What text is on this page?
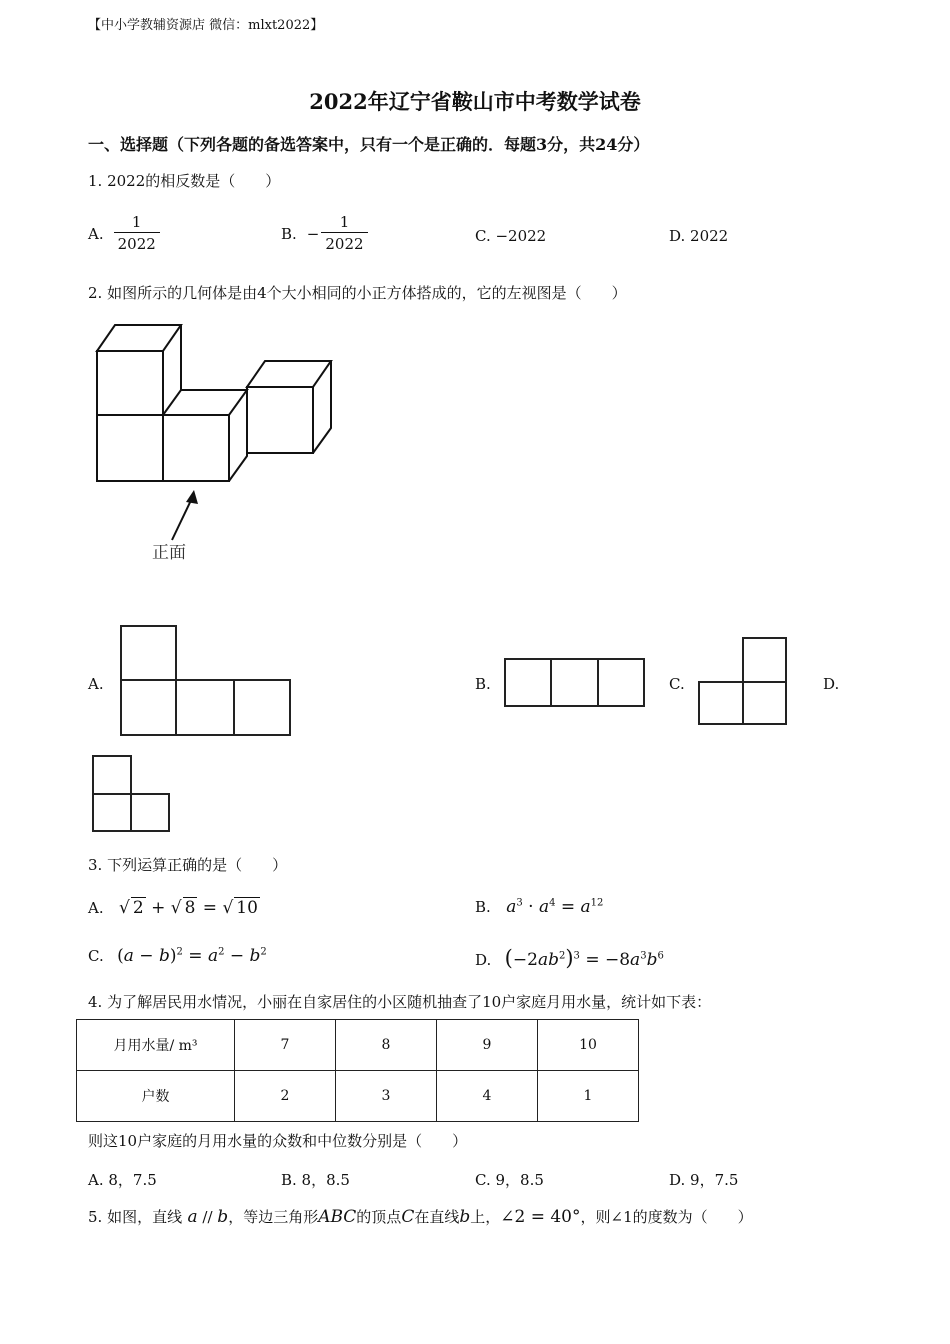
【中小学教辅资源店 微信：mlxt2022】
2022年辽宁省鞍山市中考数学试卷
一、选择题（下列各题的备选答案中，只有一个是正确的．每题3分，共24分）
1. 2022的相反数是（　　）
A. $\frac{1}{2022}$	B. − $\frac{1}{2022}$	C. −2022	D. 2022
2. 如图所示的几何体是由4个大小相同的小正方体搭成的，它的左视图是（　　）
正面
A.	B.	C.	D.
3. 下列运算正确的是（　　）
A. √ 2 + √ 8 = √ 10	B. $a^3 \cdot a^4 = a^{12}$
C. $(a - b)^2 = a^2 - b^2$	D. $(-2ab^2)^3 = -8a^3b^6$
4. 为了解居民用水情况，小丽在自家居住的小区随机抽查了10户家庭月用水量，统计如下表：
月用水量/ m³	7	8	9	10
户数	2	3	4	1
则这10户家庭的月用水量的众数和中位数分别是（　　）
A. 8，7.5	B. 8，8.5	C. 9，8.5	D. 9，7.5
5. 如图，直线 a // b，等边三角形ABC的顶点C在直线b上，∠2 = 40°，则∠1的度数为（　　）
